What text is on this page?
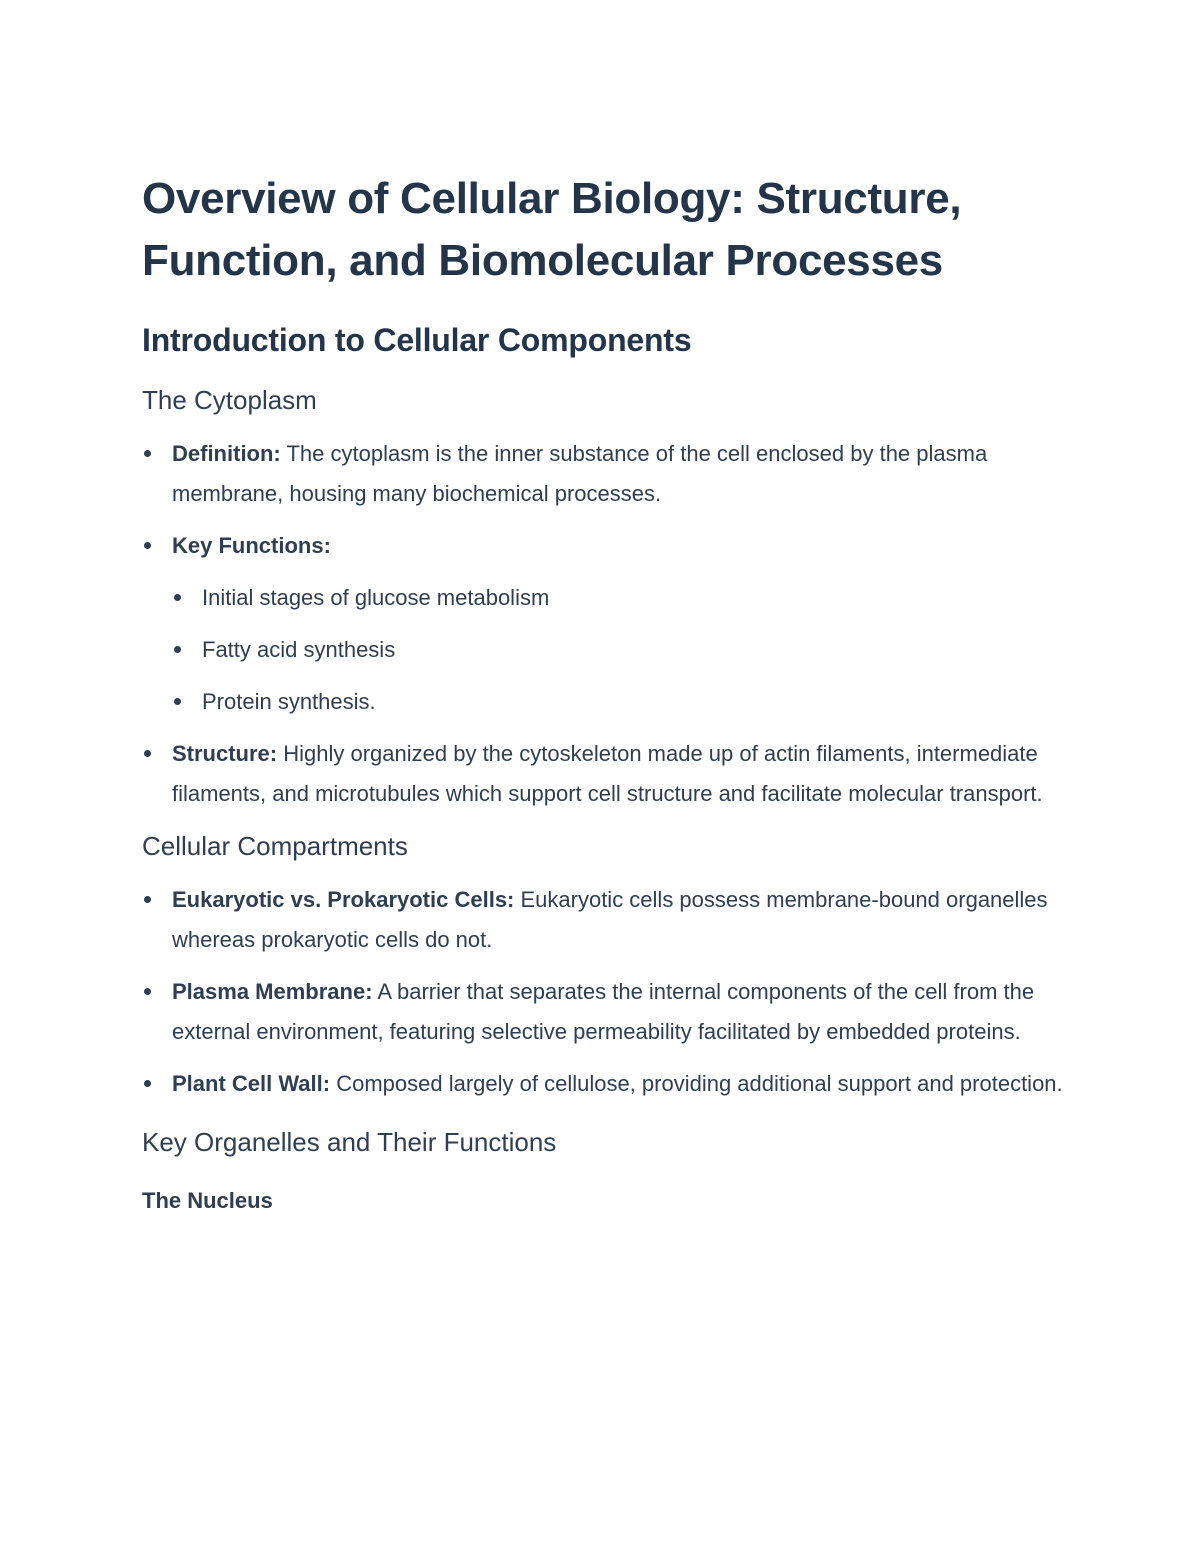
Overview of Cellular Biology: Structure,
Function, and Biomolecular Processes
Introduction to Cellular Components
The Cytoplasm
Definition: The cytoplasm is the inner substance of the cell enclosed by the plasma membrane, housing many biochemical processes.
Key Functions:
Initial stages of glucose metabolism
Fatty acid synthesis
Protein synthesis.
Structure: Highly organized by the cytoskeleton made up of actin filaments, intermediate filaments, and microtubules which support cell structure and facilitate molecular transport.
Cellular Compartments
Eukaryotic vs. Prokaryotic Cells: Eukaryotic cells possess membrane-bound organelles whereas prokaryotic cells do not.
Plasma Membrane: A barrier that separates the internal components of the cell from the external environment, featuring selective permeability facilitated by embedded proteins.
Plant Cell Wall: Composed largely of cellulose, providing additional support and protection.
Key Organelles and Their Functions
The Nucleus
